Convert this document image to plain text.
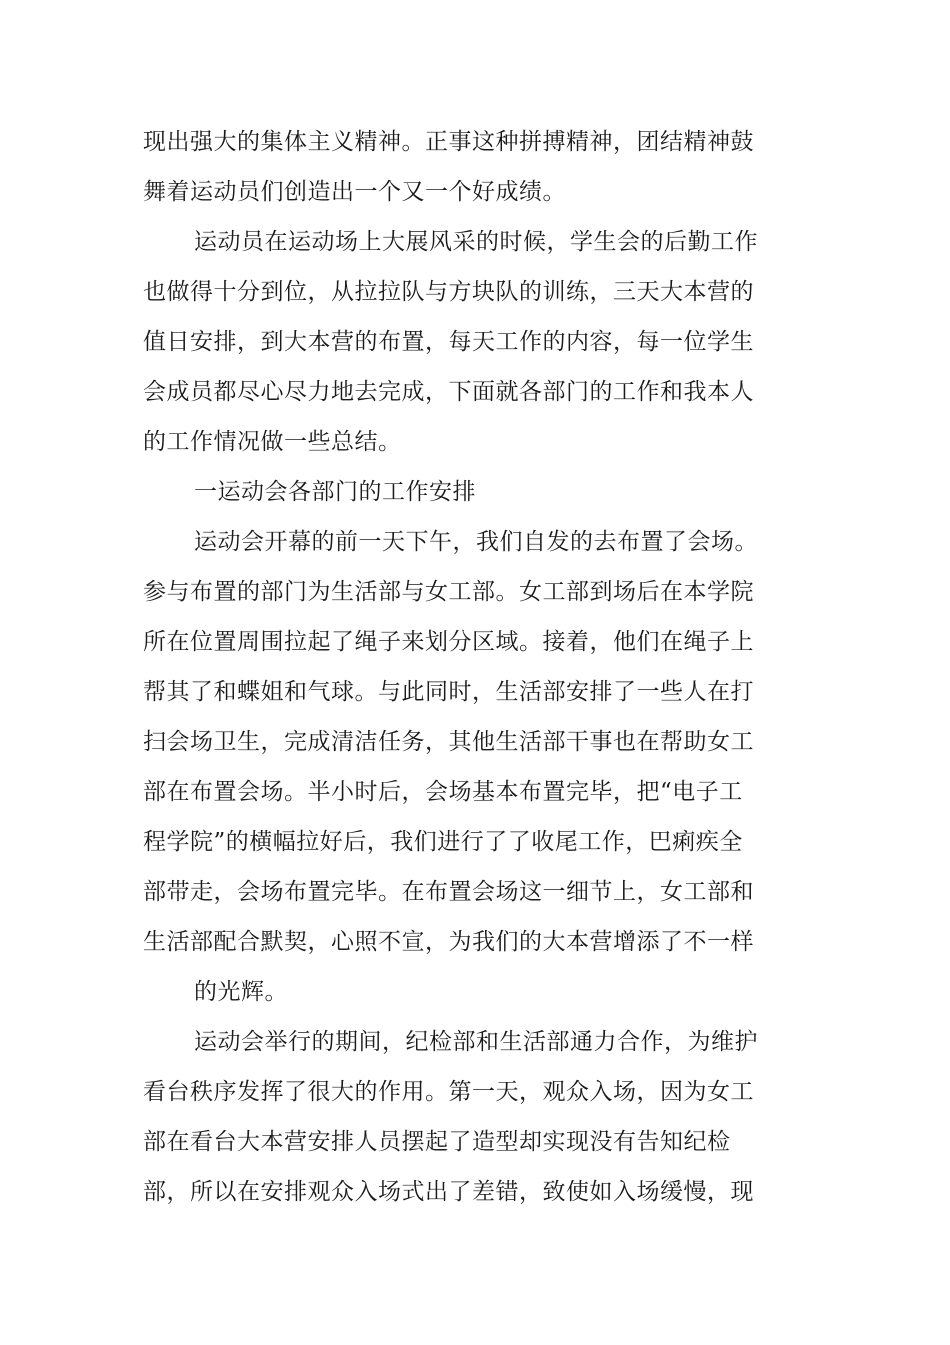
现出强大的集体主义精神。正事这种拼搏精神，团结精神鼓
舞着运动员们创造出一个又一个好成绩。
运动员在运动场上大展风采的时候，学生会的后勤工作
也做得十分到位，从拉拉队与方块队的训练，三天大本营的
值日安排，到大本营的布置，每天工作的内容，每一位学生
会成员都尽心尽力地去完成，下面就各部门的工作和我本人
的工作情况做一些总结。
一运动会各部门的工作安排
运动会开幕的前一天下午，我们自发的去布置了会场。
参与布置的部门为生活部与女工部。女工部到场后在本学院
所在位置周围拉起了绳子来划分区域。接着，他们在绳子上
帮其了和蝶姐和气球。与此同时，生活部安排了一些人在打
扫会场卫生，完成清洁任务，其他生活部干事也在帮助女工
部在布置会场。半小时后，会场基本布置完毕，把“电子工
程学院”的横幅拉好后，我们进行了了收尾工作，巴痢疾全
部带走，会场布置完毕。在布置会场这一细节上，女工部和
生活部配合默契，心照不宣，为我们的大本营增添了不一样
的光辉。
运动会举行的期间，纪检部和生活部通力合作，为维护
看台秩序发挥了很大的作用。第一天，观众入场，因为女工
部在看台大本营安排人员摆起了造型却实现没有告知纪检
部，所以在安排观众入场式出了差错，致使如入场缓慢，现
